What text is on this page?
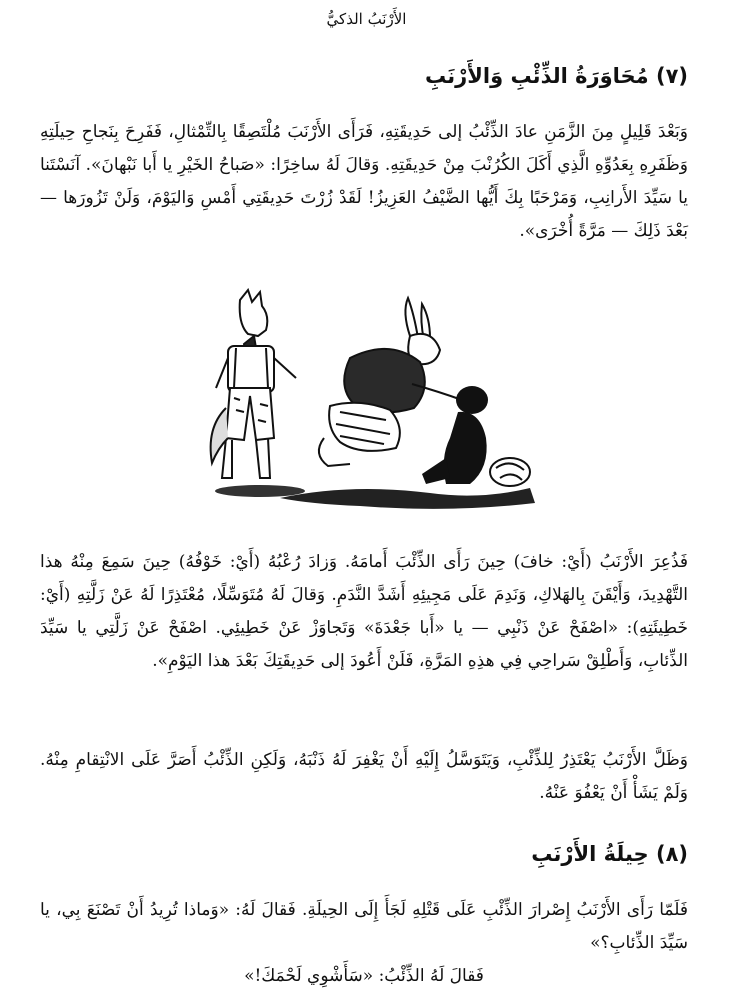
الأَرْنَبُ الذكيُّ
(٧) مُحَاوَرَةُ الذِّئْبِ وَالأَرْنَبِ
وَبَعْدَ قَلِيلٍ مِنَ الزَّمَنِ عادَ الذِّئْبُ إلى حَدِيقَتِهِ، فَرَأَى الأَرْنَبَ مُلْتَصِقًا بِالتِّمْثالِ، فَفَرِحَ بِنَجاحِ حِيلَتِهِ وَظَفَرِهِ بِعَدُوِّهِ الَّذِي أَكَلَ الكُرُنْبَ مِنْ حَدِيقَتِهِ. وَقالَ لَهُ ساخِرًا: «صَباحُ الخَيْرِ يا أَبا نَبْهانَ». آنَسْتَنا يا سَيِّدَ الأَرانِبِ، وَمَرْحَبًا بِكَ أَيُّها الضَّيْفُ العَزِيزُ! لَقَدْ زُرْتَ حَدِيقَتِي أَمْسِ وَاليَوْمَ، وَلَنْ تَزُورَها — بَعْدَ ذَلِكَ — مَرَّةً أُخْرَى».
فَذُعِرَ الأَرْنَبُ (أَيْ: خافَ) حِينَ رَأَى الذِّئْبَ أَمامَهُ. وَزادَ رُعْبُهُ (أَيْ: خَوْفُهُ) حِينَ سَمِعَ مِنْهُ هذا التَّهْدِيدَ، وَأَيْقَنَ بِالهَلاكِ، وَنَدِمَ عَلَى مَجِيئِهِ أَشَدَّ النَّدَمِ. وَقالَ لَهُ مُتَوَسِّلًا، مُعْتَذِرًا لَهُ عَنْ زَلَّتِهِ (أَيْ: خَطِيئَتِهِ): «اصْفَحْ عَنْ ذَنْبِي — يا «أَبا جَعْدَةَ» وَتَجاوَزْ عَنْ خَطِيئِي. اصْفَحْ عَنْ زَلَّتِي يا سَيِّدَ الذِّئابِ، وَأَطْلِقْ سَراحِي فِي هذِهِ المَرَّةِ، فَلَنْ أَعُودَ إلى حَدِيقَتِكَ بَعْدَ هذا اليَوْمِ».
وَظَلَّ الأَرْنَبُ يَعْتَذِرُ لِلذِّئْبِ، وَيَتَوَسَّلُ إِلَيْهِ أَنْ يَغْفِرَ لَهُ ذَنْبَهُ، وَلَكِنِ الذِّئْبُ أَصَرَّ عَلَى الانْتِقامِ مِنْهُ. وَلَمْ يَشَأْ أَنْ يَعْفُوَ عَنْهُ.
(٨) حِيلَةُ الأَرْنَبِ
فَلَمّا رَأَى الأَرْنَبُ إِصْرارَ الذِّئْبِ عَلَى قَتْلِهِ لَجَأَ إِلَى الحِيلَةِ. فَقالَ لَهُ: «وَماذا تُرِيدُ أَنْ تَصْنَعَ بِي، يا سَيِّدَ الذِّئابِ؟»
فَقالَ لَهُ الذِّئْبُ: «سَأَشْوِي لَحْمَكَ!»
